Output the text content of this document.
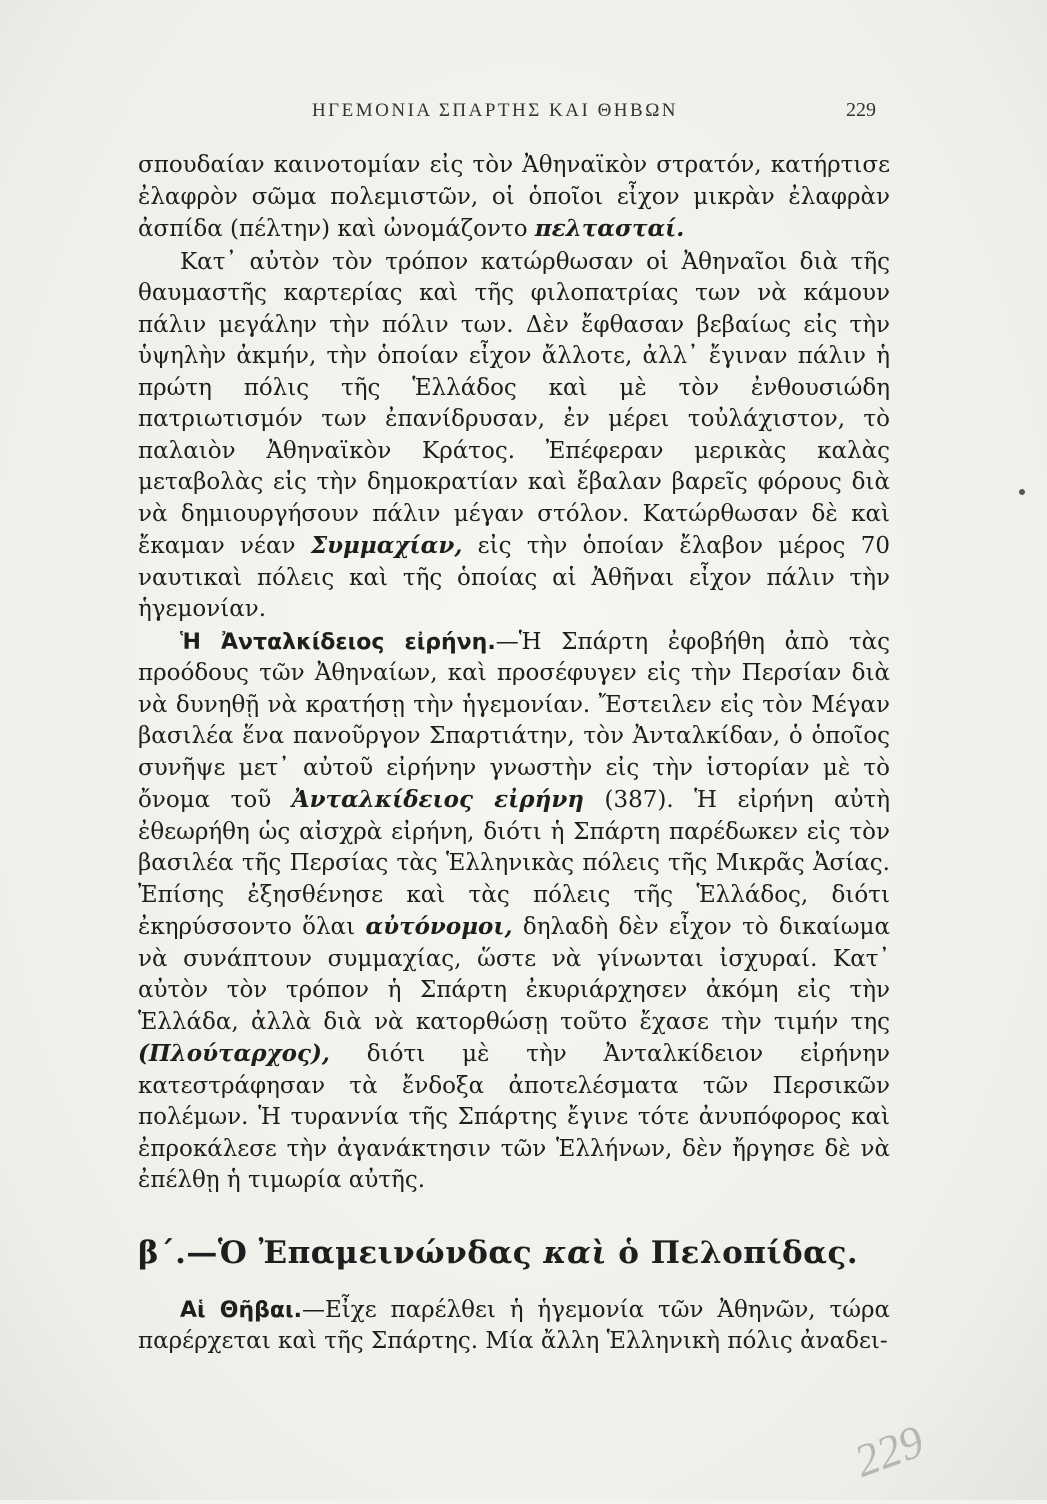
ΗΓΕΜΟΝΙΑ ΣΠΑΡΤΗΣ ΚΑΙ ΘΗΒΩΝ	229

σπουδαίαν καινοτομίαν εἰς τὸν Ἀθηναϊκὸν στρατόν, κατήρτισε ἐλαφρὸν σῶμα πολεμιστῶν, οἱ ὁποῖοι εἶχον μικρὰν ἐλαφρὰν ἀσπίδα (πέλτην) καὶ ὠνομάζοντο πελτασταί.

Κατ᾿ αὐτὸν τὸν τρόπον κατώρθωσαν οἱ Ἀθηναῖοι διὰ τῆς θαυμαστῆς καρτερίας καὶ τῆς φιλοπατρίας των νὰ κάμουν πάλιν μεγάλην τὴν πόλιν των. Δὲν ἔφθασαν βεβαίως εἰς τὴν ὑψηλὴν ἀκμήν, τὴν ὁποίαν εἶχον ἄλλοτε, ἀλλ᾿ ἔγιναν πάλιν ἡ πρώτη πόλις τῆς Ἑλλάδος καὶ μὲ τὸν ἐνθουσιώδη πατριωτισμόν των ἐπανίδρυσαν, ἐν μέρει τοὐλάχιστον, τὸ παλαιὸν Ἀθηναϊκὸν Κράτος. Ἐπέφεραν μερικὰς καλὰς μεταβολὰς εἰς τὴν δημοκρατίαν καὶ ἔβαλαν βαρεῖς φόρους διὰ νὰ δημιουργήσουν πάλιν μέγαν στόλον. Κατώρθωσαν δὲ καὶ ἔκαμαν νέαν Συμμαχίαν, εἰς τὴν ὁποίαν ἔλαβον μέρος 70 ναυτικαὶ πόλεις καὶ τῆς ὁποίας αἱ Ἀθῆναι εἶχον πάλιν τὴν ἡγεμονίαν.

Ἡ Ἀνταλκίδειος εἰρήνη.—Ἡ Σπάρτη ἐφοβήθη ἀπὸ τὰς προόδους τῶν Ἀθηναίων, καὶ προσέφυγεν εἰς τὴν Περσίαν διὰ νὰ δυνηθῇ νὰ κρατήσῃ τὴν ἡγεμονίαν. Ἔστειλεν εἰς τὸν Μέγαν βασιλέα ἕνα πανοῦργον Σπαρτιάτην, τὸν Ἀνταλκίδαν, ὁ ὁποῖος συνῆψε μετ᾿ αὐτοῦ εἰρήνην γνωστὴν εἰς τὴν ἱστορίαν μὲ τὸ ὄνομα τοῦ Ἀνταλκίδειος εἰρήνη (387). Ἡ εἰρήνη αὐτὴ ἐθεωρήθη ὡς αἰσχρὰ εἰρήνη, διότι ἡ Σπάρτη παρέδωκεν εἰς τὸν βασιλέα τῆς Περσίας τὰς Ἑλληνικὰς πόλεις τῆς Μικρᾶς Ἀσίας. Ἐπίσης ἐξησθένησε καὶ τὰς πόλεις τῆς Ἑλλάδος, διότι ἐκηρύσσοντο ὅλαι αὐτόνομοι, δηλαδὴ δὲν εἶχον τὸ δικαίωμα νὰ συνάπτουν συμμαχίας, ὥστε νὰ γίνωνται ἰσχυραί. Κατ᾿ αὐτὸν τὸν τρόπον ἡ Σπάρτη ἐκυριάρχησεν ἀκόμη εἰς τὴν Ἑλλάδα, ἀλλὰ διὰ νὰ κατορθώσῃ τοῦτο ἔχασε τὴν τιμήν της (Πλούταρχος), διότι μὲ τὴν Ἀνταλκίδειον εἰρήνην κατεστράφησαν τὰ ἔνδοξα ἀποτελέσματα τῶν Περσικῶν πολέμων. Ἡ τυραννία τῆς Σπάρτης ἔγινε τότε ἀνυπόφορος καὶ ἐπροκάλεσε τὴν ἀγανάκτησιν τῶν Ἑλλήνων, δὲν ἤργησε δὲ νὰ ἐπέλθῃ ἡ τιμωρία αὐτῆς.

β΄.—Ὁ Ἐπαμεινώνδας καὶ ὁ Πελοπίδας.

Αἱ Θῆβαι.—Εἶχε παρέλθει ἡ ἡγεμονία τῶν Ἀθηνῶν, τώρα παρέρχεται καὶ τῆς Σπάρτης. Μία ἄλλη Ἑλληνικὴ πόλις ἀναδει-

229
